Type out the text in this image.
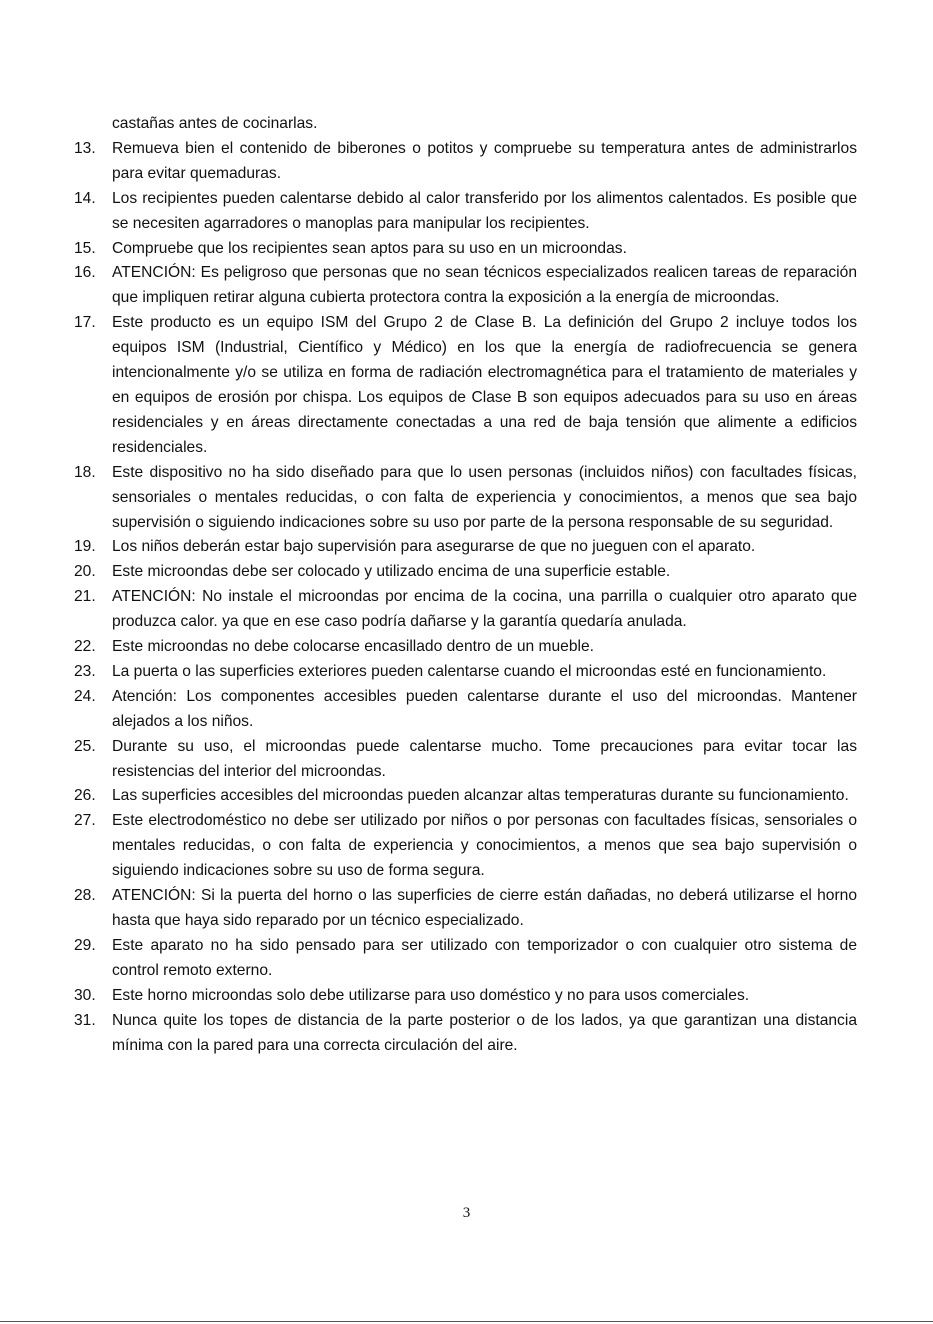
castañas antes de cocinarlas.
13.	Remueva bien el contenido de biberones o potitos y compruebe su temperatura antes de administrarlos para evitar quemaduras.
14.	Los recipientes pueden calentarse debido al calor transferido por los alimentos calentados. Es posible que se necesiten agarradores o manoplas para manipular los recipientes.
15.	Compruebe que los recipientes sean aptos para su uso en un microondas.
16.	ATENCIÓN: Es peligroso que personas que no sean técnicos especializados realicen tareas de reparación que impliquen retirar alguna cubierta protectora contra la exposición a la energía de microondas.
17.	Este producto es un equipo ISM del Grupo 2 de Clase B. La definición del Grupo 2 incluye todos los equipos ISM (Industrial, Científico y Médico) en los que la energía de radiofrecuencia se genera intencionalmente y/o se utiliza en forma de radiación electromagnética para el tratamiento de materiales y en equipos de erosión por chispa. Los equipos de Clase B son equipos adecuados para su uso en áreas residenciales y en áreas directamente conectadas a una red de baja tensión que alimente a edificios residenciales.
18.	Este dispositivo no ha sido diseñado para que lo usen personas (incluidos niños) con facultades físicas, sensoriales o mentales reducidas, o con falta de experiencia y conocimientos, a menos que sea bajo supervisión o siguiendo indicaciones sobre su uso por parte de la persona responsable de su seguridad.
19.	Los niños deberán estar bajo supervisión para asegurarse de que no jueguen con el aparato.
20.	Este microondas debe ser colocado y utilizado encima de una superficie estable.
21.	ATENCIÓN: No instale el microondas por encima de la cocina, una parrilla o cualquier otro aparato que produzca calor. ya que en ese caso podría dañarse y la garantía quedaría anulada.
22.	Este microondas no debe colocarse encasillado dentro de un mueble.
23.	La puerta o las superficies exteriores pueden calentarse cuando el microondas esté en funcionamiento.
24.	Atención: Los componentes accesibles pueden calentarse durante el uso del microondas. Mantener alejados a los niños.
25.	Durante su uso, el microondas puede calentarse mucho. Tome precauciones para evitar tocar las resistencias del interior del microondas.
26.	Las superficies accesibles del microondas pueden alcanzar altas temperaturas durante su funcionamiento.
27.	Este electrodoméstico no debe ser utilizado por niños o por personas con facultades físicas, sensoriales o mentales reducidas, o con falta de experiencia y conocimientos, a menos que sea bajo supervisión o siguiendo indicaciones sobre su uso de forma segura.
28.	ATENCIÓN: Si la puerta del horno o las superficies de cierre están dañadas, no deberá utilizarse el horno hasta que haya sido reparado por un técnico especializado.
29.	Este aparato no ha sido pensado para ser utilizado con temporizador o con cualquier otro sistema de control remoto externo.
30.	Este horno microondas solo debe utilizarse para uso doméstico y no para usos comerciales.
31.	Nunca quite los topes de distancia de la parte posterior o de los lados, ya que garantizan una distancia mínima con la pared para una correcta circulación del aire.
3
